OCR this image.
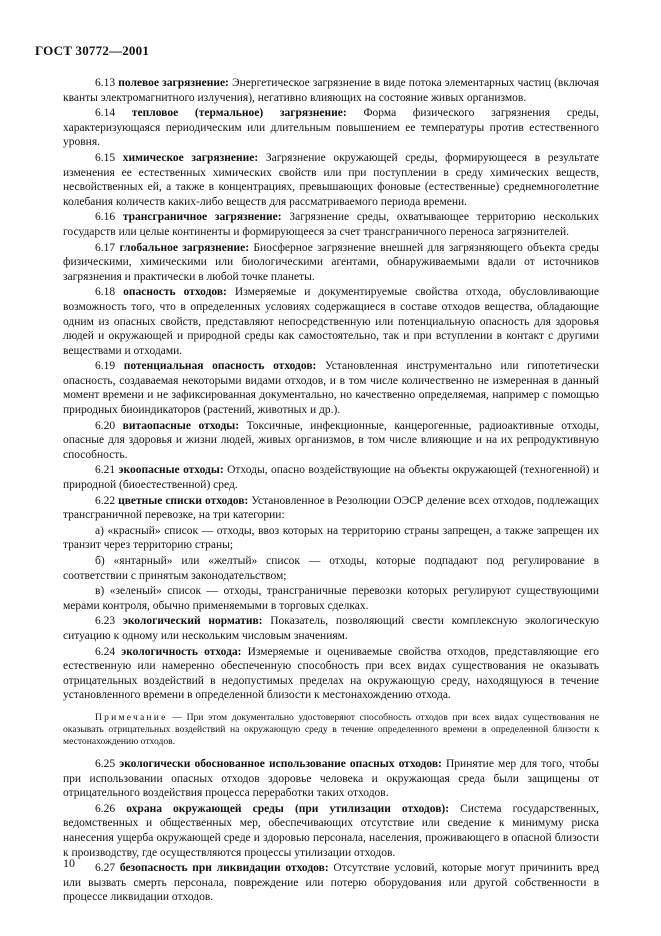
ГОСТ 30772—2001

6.13 полевое загрязнение: Энергетическое загрязнение в виде потока элементарных частиц (включая кванты электромагнитного излучения), негативно влияющих на состояние живых организмов.

6.14 тепловое (термальное) загрязнение: Форма физического загрязнения среды, характеризующаяся периодическим или длительным повышением ее температуры против естественного уровня.

6.15 химическое загрязнение: Загрязнение окружающей среды, формирующееся в результате изменения ее естественных химических свойств или при поступлении в среду химических веществ, несвойственных ей, а также в концентрациях, превышающих фоновые (естественные) среднемноголетние колебания количеств каких-либо веществ для рассматриваемого периода времени.

6.16 трансграничное загрязнение: Загрязнение среды, охватывающее территорию нескольких государств или целые континенты и формирующееся за счет трансграничного переноса загрязнителей.

6.17 глобальное загрязнение: Биосферное загрязнение внешней для загрязняющего объекта среды физическими, химическими или биологическими агентами, обнаруживаемыми вдали от источников загрязнения и практически в любой точке планеты.

6.18 опасность отходов: Измеряемые и документируемые свойства отхода, обусловливающие возможность того, что в определенных условиях содержащиеся в составе отходов вещества, обладающие одним из опасных свойств, представляют непосредственную или потенциальную опасность для здоровья людей и окружающей и природной среды как самостоятельно, так и при вступлении в контакт с другими веществами и отходами.

6.19 потенциальная опасность отходов: Установленная инструментально или гипотетически опасность, создаваемая некоторыми видами отходов, и в том числе количественно не измеренная в данный момент времени и не зафиксированная документально, но качественно определяемая, например с помощью природных биоиндикаторов (растений, животных и др.).

6.20 витаопасные отходы: Токсичные, инфекционные, канцерогенные, радиоактивные отходы, опасные для здоровья и жизни людей, живых организмов, в том числе влияющие и на их репродуктивную способность.

6.21 экоопасные отходы: Отходы, опасно воздействующие на объекты окружающей (техногенной) и природной (биоестественной) сред.

6.22 цветные списки отходов: Установленное в Резолюции ОЭСР деление всех отходов, подлежащих трансграничной перевозке, на три категории:

а) «красный» список — отходы, ввоз которых на территорию страны запрещен, а также запрещен их транзит через территорию страны;

б) «янтарный» или «желтый» список — отходы, которые подпадают под регулирование в соответствии с принятым законодательством;

в) «зеленый» список — отходы, трансграничные перевозки которых регулируют существующими мерами контроля, обычно применяемыми в торговых сделках.

6.23 экологический норматив: Показатель, позволяющий свести комплексную экологическую ситуацию к одному или нескольким числовым значениям.

6.24 экологичность отхода: Измеряемые и оцениваемые свойства отходов, представляющие его естественную или намеренно обеспеченную способность при всех видах существования не оказывать отрицательных воздействий в недопустимых пределах на окружающую среду, находящуюся в течение установленного времени в определенной близости к местонахождению отхода.

Примечание — При этом документально удостоверяют способность отходов при всех видах существования не оказывать отрицательных воздействий на окружающую среду в течение определенного времени в определенной близости к местонахождению отходов.

6.25 экологически обоснованное использование опасных отходов: Принятие мер для того, чтобы при использовании опасных отходов здоровье человека и окружающая среда были защищены от отрицательного воздействия процесса переработки таких отходов.

6.26 охрана окружающей среды (при утилизации отходов): Система государственных, ведомственных и общественных мер, обеспечивающих отсутствие или сведение к минимуму риска нанесения ущерба окружающей среде и здоровью персонала, населения, проживающего в опасной близости к производству, где осуществляются процессы утилизации отходов.

6.27 безопасность при ликвидации отходов: Отсутствие условий, которые могут причинить вред или вызвать смерть персонала, повреждение или потерю оборудования или другой собственности в процессе ликвидации отходов.

10
